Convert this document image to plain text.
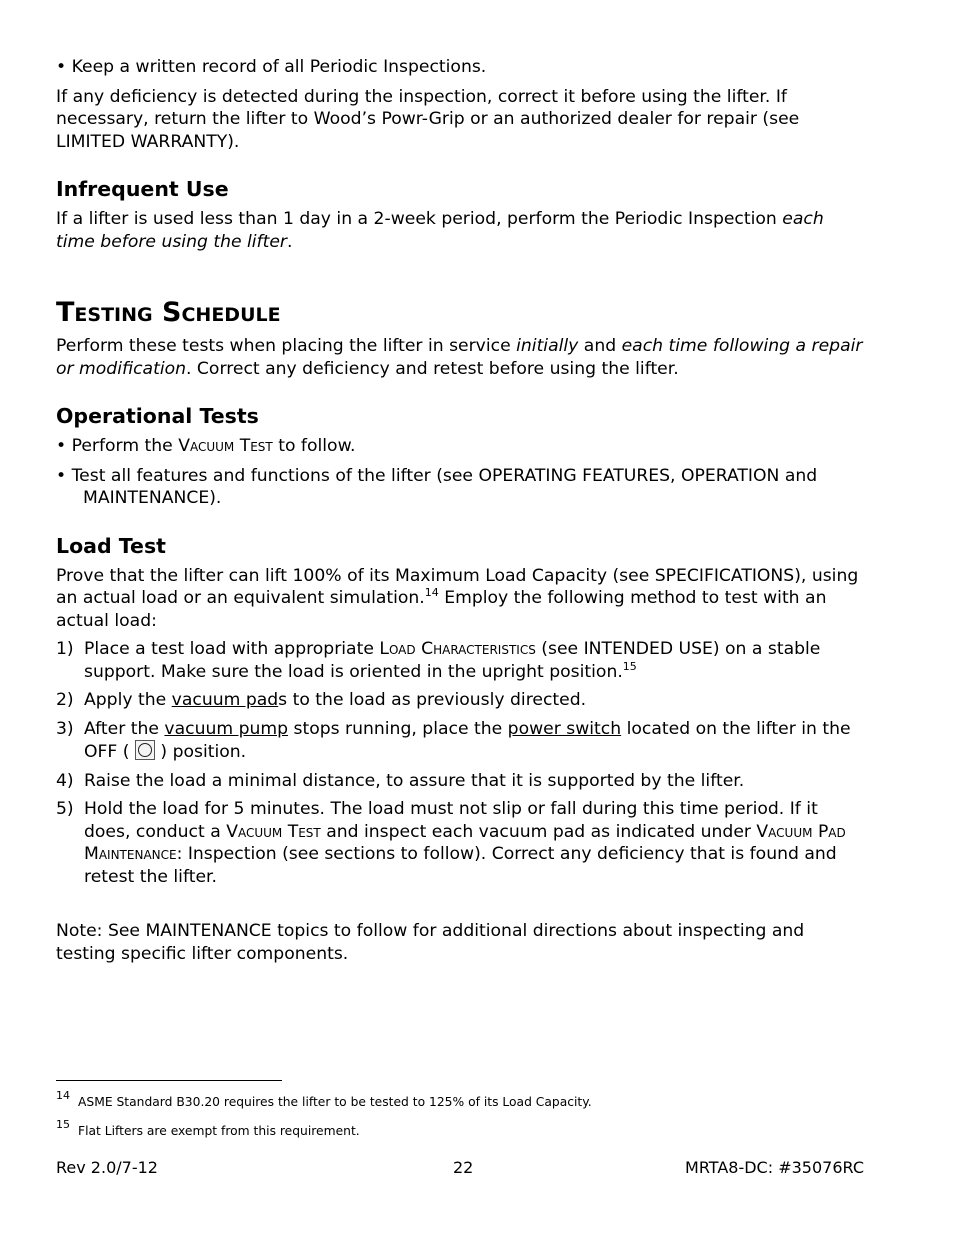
• Keep a written record of all Periodic Inspections.

If any deficiency is detected during the inspection, correct it before using the lifter. If necessary, return the lifter to Wood’s Powr-Grip or an authorized dealer for repair (see LIMITED WARRANTY).

Infrequent Use

If a lifter is used less than 1 day in a 2-week period, perform the Periodic Inspection each time before using the lifter.

Testing Schedule

Perform these tests when placing the lifter in service initially and each time following a repair or modification. Correct any deficiency and retest before using the lifter.

Operational Tests

• Perform the Vacuum Test to follow.

• Test all features and functions of the lifter (see OPERATING FEATURES, OPERATION and MAINTENANCE).

Load Test

Prove that the lifter can lift 100% of its Maximum Load Capacity (see SPECIFICATIONS), using an actual load or an equivalent simulation.$^{14}$ Employ the following method to test with an actual load:

1) Place a test load with appropriate Load Characteristics (see INTENDED USE) on a stable support. Make sure the load is oriented in the upright position.$^{15}$
2) Apply the vacuum pads to the load as previously directed.
3) After the vacuum pump stops running, place the power switch located on the lifter in the OFF ( ) position.
4) Raise the load a minimal distance, to assure that it is supported by the lifter.
5) Hold the load for 5 minutes. The load must not slip or fall during this time period. If it does, conduct a Vacuum Test and inspect each vacuum pad as indicated under Vacuum Pad Maintenance: Inspection (see sections to follow). Correct any deficiency that is found and retest the lifter.

Note: See MAINTENANCE topics to follow for additional directions about inspecting and testing specific lifter components.

$^{14}$ ASME Standard B30.20 requires the lifter to be tested to 125% of its Load Capacity.
$^{15}$ Flat Lifters are exempt from this requirement.
Rev 2.0/7-12	22	MRTA8-DC: #35076RC
